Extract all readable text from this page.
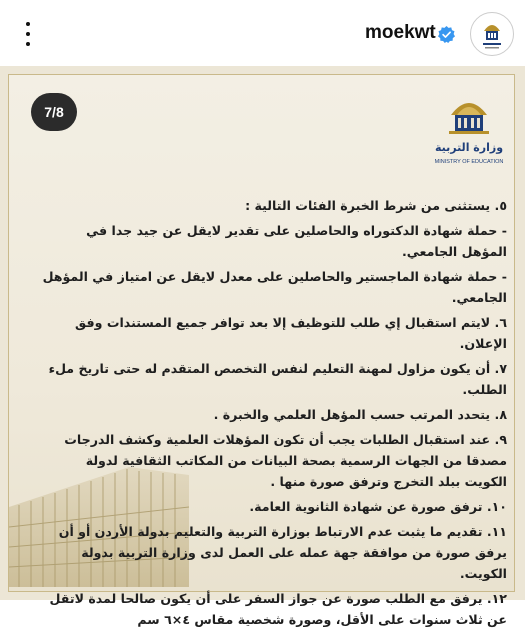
moekwt
7/8
وزارة التربية
MINISTRY OF EDUCATION

٥. يستثنى من شرط الخبرة الفئات التالية :

- حملة شهادة الدكتوراه والحاصلين على تقدير لايقل عن جيد جدا في المؤهل الجامعي.

- حملة شهادة الماجستير والحاصلين على معدل لايقل عن امتياز في المؤهل الجامعي.

٦. لايتم استقبال إي طلب للتوظيف إلا بعد توافر جميع المستندات وفق الإعلان.

٧. أن يكون مزاول لمهنة التعليم لنفس التخصص المتقدم له حتى تاريخ ملء الطلب.

٨. يتحدد المرتب حسب المؤهل العلمي والخبرة .

٩. عند استقبال الطلبات يجب أن تكون المؤهلات العلمية وكشف الدرجات مصدقا من الجهات الرسمية بصحة البيانات من المكاتب الثقافية لدولة الكويت ببلد التخرج وترفق صورة منها .

١٠. ترفق صورة عن شهادة الثانوية العامة.

١١. تقديم ما يثبت عدم الارتباط بوزارة التربية والتعليم بدولة الأردن أو أن يرفق صورة من موافقة جهة عمله على العمل لدى وزارة التربية بدولة الكويت.

١٢. يرفق مع الطلب صورة عن جواز السفر على أن يكون صالحا لمدة لاتقل عن ثلاث سنوات على الأقل، وصورة شخصية مقاس ٤×٦ سم
